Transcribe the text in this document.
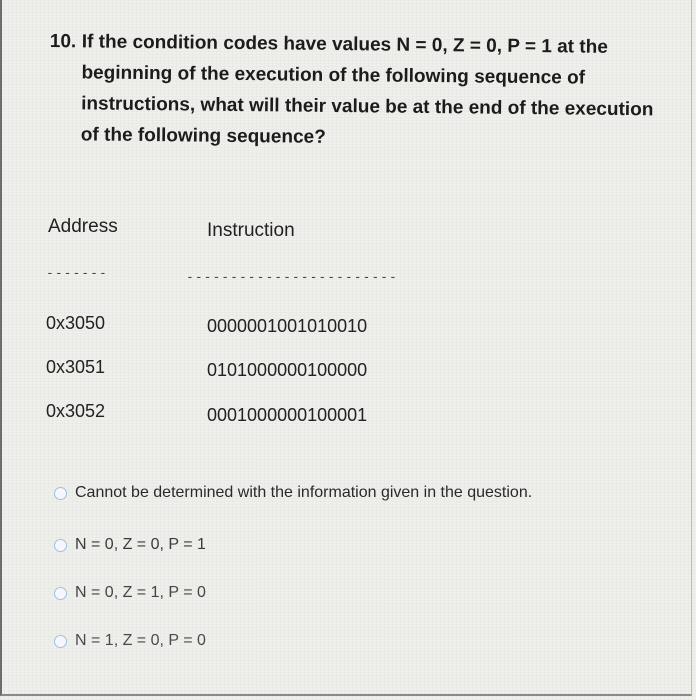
10. If the condition codes have values N = 0, Z = 0, P = 1 at the
beginning of the execution of the following sequence of
instructions, what will their value be at the end of the execution
of the following sequence?
Address	Instruction
-------	------------------------
0x3050	0000001001010010
0x3051	0101000000100000
0x3052	0001000000100001
Cannot be determined with the information given in the question.
N = 0, Z = 0, P = 1
N = 0, Z = 1, P = 0
N = 1, Z = 0, P = 0
